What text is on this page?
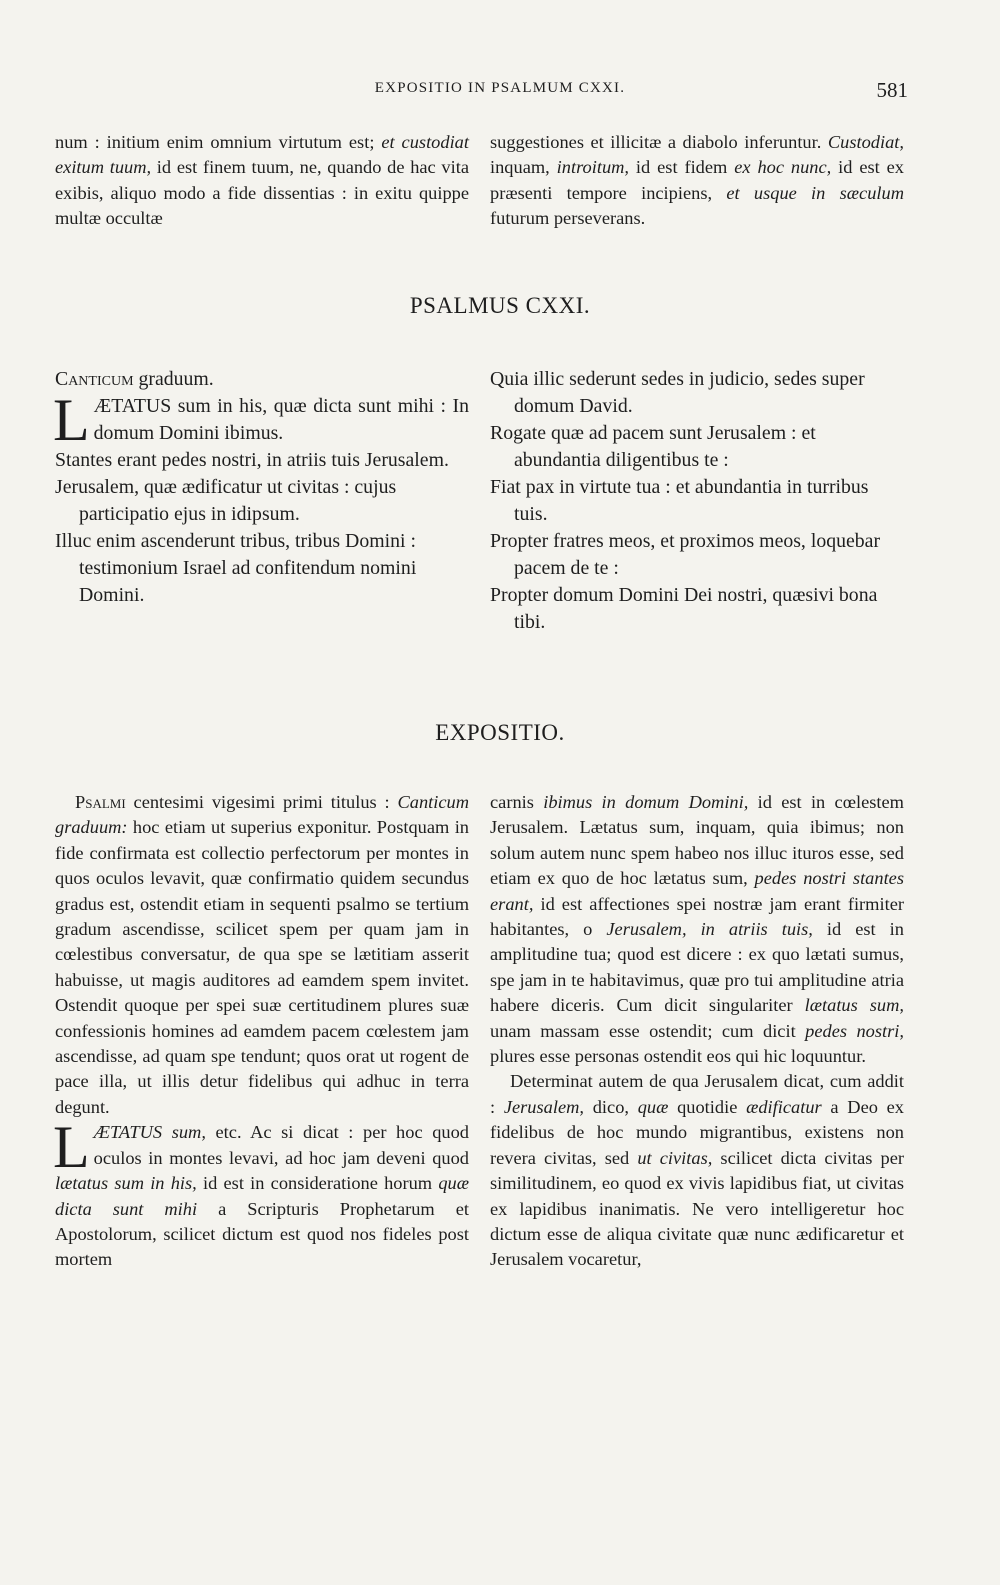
EXPOSITIO IN PSALMUM CXXI.	581

num : initium enim omnium virtutum est; et custodiat exitum tuum, id est finem tuum, ne, quando de hac vita exibis, aliquo modo a fide dissentias : in exitu quippe multæ occultæ

suggestiones et illicitæ a diabolo inferuntur. Custodiat, inquam, introitum, id est fidem ex hoc nunc, id est ex præsenti tempore incipiens, et usque in sæculum futurum perseverans.

PSALMUS CXXI.

Canticum graduum.

LÆTATUS sum in his, quæ dicta sunt mihi : In domum Domini ibimus.

Stantes erant pedes nostri, in atriis tuis Jerusalem.

Jerusalem, quæ ædificatur ut civitas : cujus participatio ejus in idipsum.

Illuc enim ascenderunt tribus, tribus Domini : testimonium Israel ad confitendum nomini Domini.

Quia illic sederunt sedes in judicio, sedes super domum David.

Rogate quæ ad pacem sunt Jerusalem : et abundantia diligentibus te :

Fiat pax in virtute tua : et abundantia in turribus tuis.

Propter fratres meos, et proximos meos, loquebar pacem de te :

Propter domum Domini Dei nostri, quæsivi bona tibi.

EXPOSITIO.

Psalmi centesimi vigesimi primi titulus : Canticum graduum: hoc etiam ut superius exponitur. Postquam in fide confirmata est collectio perfectorum per montes in quos oculos levavit, quæ confirmatio quidem secundus gradus est, ostendit etiam in sequenti psalmo se tertium gradum ascendisse, scilicet spem per quam jam in cœlestibus conversatur, de qua spe se lætitiam asserit habuisse, ut magis auditores ad eamdem spem invitet. Ostendit quoque per spei suæ certitudinem plures suæ confessionis homines ad eamdem pacem cœlestem jam ascendisse, ad quam spe tendunt; quos orat ut rogent de pace illa, ut illis detur fidelibus qui adhuc in terra degunt.

LÆTATUS sum, etc. Ac si dicat : per hoc quod oculos in montes levavi, ad hoc jam deveni quod lætatus sum in his, id est in consideratione horum quæ dicta sunt mihi a Scripturis Prophetarum et Apostolorum, scilicet dictum est quod nos fideles post mortem

carnis ibimus in domum Domini, id est in cœlestem Jerusalem. Lætatus sum, inquam, quia ibimus; non solum autem nunc spem habeo nos illuc ituros esse, sed etiam ex quo de hoc lætatus sum, pedes nostri stantes erant, id est affectiones spei nostræ jam erant firmiter habitantes, o Jerusalem, in atriis tuis, id est in amplitudine tua; quod est dicere : ex quo lætati sumus, spe jam in te habitavimus, quæ pro tui amplitudine atria habere diceris. Cum dicit singulariter lætatus sum, unam massam esse ostendit; cum dicit pedes nostri, plures esse personas ostendit eos qui hic loquuntur.

Determinat autem de qua Jerusalem dicat, cum addit : Jerusalem, dico, quæ quotidie ædificatur a Deo ex fidelibus de hoc mundo migrantibus, existens non revera civitas, sed ut civitas, scilicet dicta civitas per similitudinem, eo quod ex vivis lapidibus fiat, ut civitas ex lapidibus inanimatis. Ne vero intelligeretur hoc dictum esse de aliqua civitate quæ nunc ædificaretur et Jerusalem vocaretur,
